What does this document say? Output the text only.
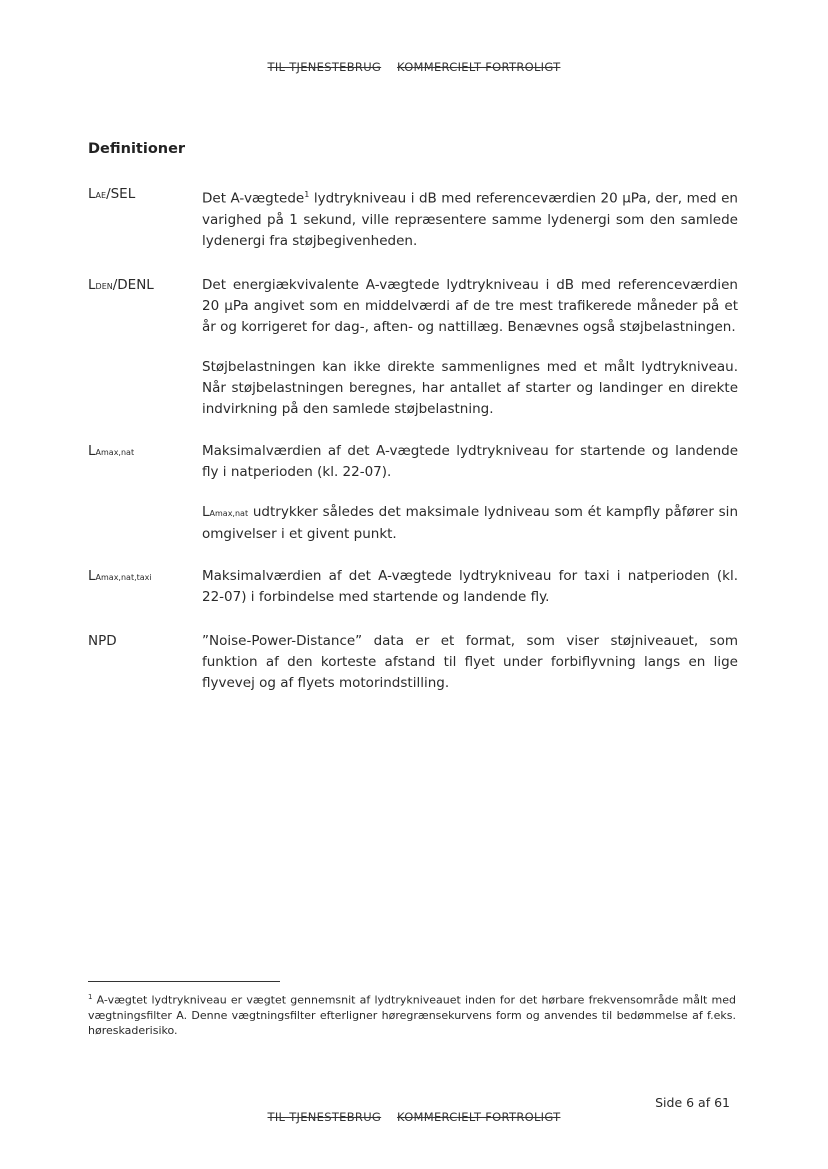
TIL TJENESTEBRUG KOMMERCIELT FORTROLIGT
Definitioner
LAE/SEL	Det A-vægtede$^1$ lydtrykniveau i dB med referenceværdien 20 µPa, der, med en varighed på 1 sekund, ville repræsentere samme lydenergi som den samlede lydenergi fra støjbegivenheden.

LDEN/DENL	Det energiækvivalente A-vægtede lydtrykniveau i dB med referenceværdien 20 µPa angivet som en middelværdi af de tre mest trafikerede måneder på et år og korrigeret for dag-, aften- og nattillæg. Benævnes også støjbelastningen.

Støjbelastningen kan ikke direkte sammenlignes med et målt lydtrykniveau. Når støjbelastningen beregnes, har antallet af starter og landinger en direkte indvirkning på den samlede støjbelastning.

LAmax,nat	Maksimalværdien af det A-vægtede lydtrykniveau for startende og landende fly i natperioden (kl. 22-07).

LAmax,nat udtrykker således det maksimale lydniveau som ét kampfly påfører sin omgivelser i et givent punkt.

LAmax,nat,taxi	Maksimalværdien af det A-vægtede lydtrykniveau for taxi i natperioden (kl. 22-07) i forbindelse med startende og landende fly.

NPD	”Noise-Power-Distance” data er et format, som viser støjniveauet, som funktion af den korteste afstand til flyet under forbiflyvning langs en lige flyvevej og af flyets motorindstilling.

$^1$ A-vægtet lydtrykniveau er vægtet gennemsnit af lydtrykniveauet inden for det hørbare frekvensområde målt med vægtningsfilter A. Denne vægtningsfilter efterligner høregrænsekurvens form og anvendes til bedømmelse af f.eks. høreskaderisiko.
Side 6 af 61
TIL TJENESTEBRUG KOMMERCIELT FORTROLIGT
